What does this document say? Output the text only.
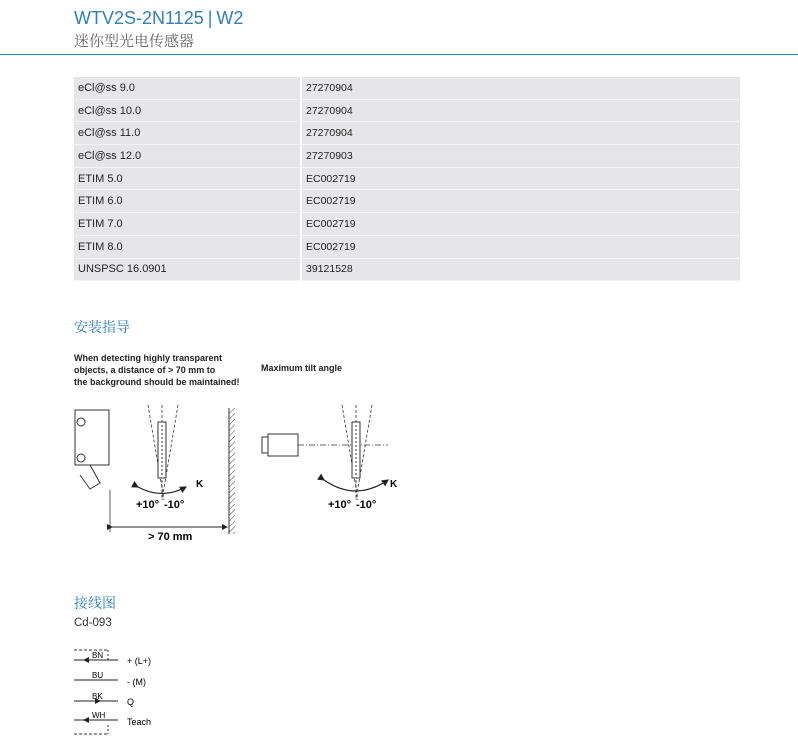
WTV2S-2N1125 | W2
迷你型光电传感器
eCl@ss 9.0	27270904
eCl@ss 10.0	27270904
eCl@ss 11.0	27270904
eCl@ss 12.0	27270903
ETIM 5.0	EC002719
ETIM 6.0	EC002719
ETIM 7.0	EC002719
ETIM 8.0	EC002719
UNSPSC 16.0901	39121528
安装指导
When detecting highly transparent
objects, a distance of > 70 mm to
the background should be maintained!
Maximum tilt angle
K
+10° -10°
> 70 mm
K
+10° -10°
接线图
Cd-093
BN
+ (L+)
BU
- (M)
BK
Q
WH
Teach
